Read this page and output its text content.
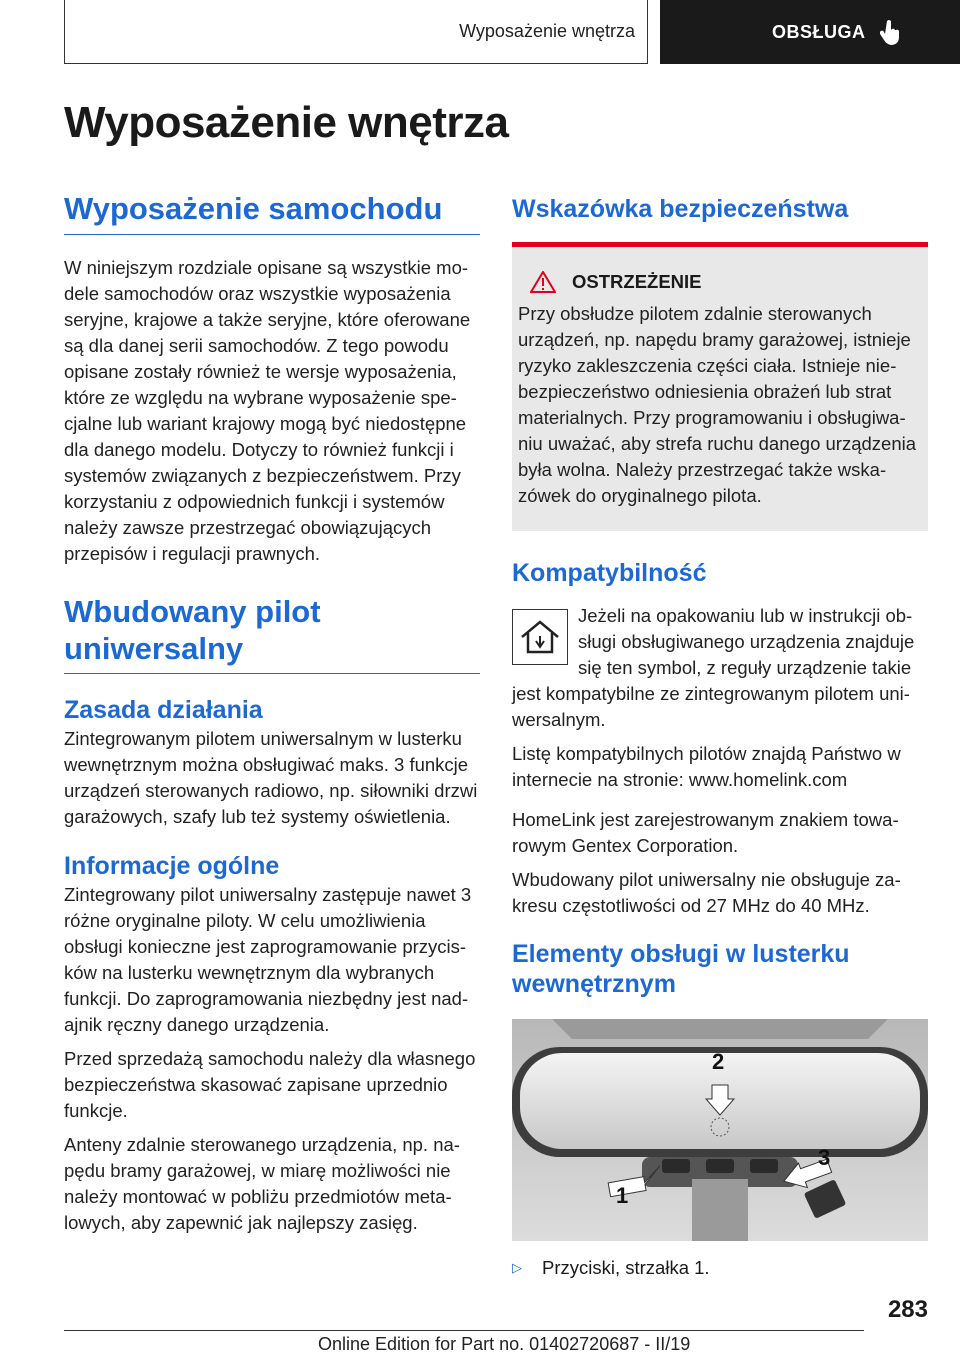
Wyposażenie wnętrza	OBSŁUGA
Wyposażenie wnętrza
Wyposażenie samochodu

W niniejszym rozdziale opisane są wszystkie modele samochodów oraz wszystkie wyposażenia seryjne, krajowe a także seryjne, które oferowane są dla danej serii samochodów. Z tego powodu opisane zostały również te wersje wyposażenia, które ze względu na wybrane wyposażenie specjalne lub wariant krajowy mogą być niedostępne dla danego modelu. Dotyczy to również funkcji i systemów związanych z bezpieczeństwem. Przy korzystaniu z odpowiednich funkcji i systemów należy zawsze przestrzegać obowiązujących przepisów i regulacji prawnych.

Wbudowany pilot uniwersalny
Zasada działania

Zintegrowanym pilotem uniwersalnym w lusterku wewnętrznym można obsługiwać maks. 3 funkcje urządzeń sterowanych radiowo, np. siłowniki drzwi garażowych, szafy lub też systemy oświetlenia.

Informacje ogólne

Zintegrowany pilot uniwersalny zastępuje nawet 3 różne oryginalne piloty. W celu umożliwienia obsługi konieczne jest zaprogramowanie przycisków na lusterku wewnętrznym dla wybranych funkcji. Do zaprogramowania niezbędny jest nadajnik ręczny danego urządzenia.

Przed sprzedażą samochodu należy dla własnego bezpieczeństwa skasować zapisane uprzednio funkcje.

Anteny zdalnie sterowanego urządzenia, np. napędu bramy garażowej, w miarę możliwości nie należy montować w pobliżu przedmiotów metalowych, aby zapewnić jak najlepszy zasięg.

Wskazówka bezpieczeństwa
OSTRZEŻENIE

Przy obsłudze pilotem zdalnie sterowanych urządzeń, np. napędu bramy garażowej, istnieje ryzyko zakleszczenia części ciała. Istnieje niebezpieczeństwo odniesienia obrażeń lub strat materialnych. Przy programowaniu i obsługiwaniu uważać, aby strefa ruchu danego urządzenia była wolna. Należy przestrzegać także wskazówek do oryginalnego pilota.

Kompatybilność

Jeżeli na opakowaniu lub w instrukcji obsługi obsługiwanego urządzenia znajduje się ten symbol, z reguły urządzenie takie

jest kompatybilne ze zintegrowanym pilotem uniwersalnym.

Listę kompatybilnych pilotów znajdą Państwo w internecie na stronie: www.homelink.com

HomeLink jest zarejestrowanym znakiem towarowym Gentex Corporation.

Wbudowany pilot uniwersalny nie obsługuje zakresu częstotliwości od 27 MHz do 40 MHz.

Elementy obsługi w lusterku wewnętrznym
2
1
3
▷	Przyciski, strzałka 1.
283
Online Edition for Part no. 01402720687 - II/19
